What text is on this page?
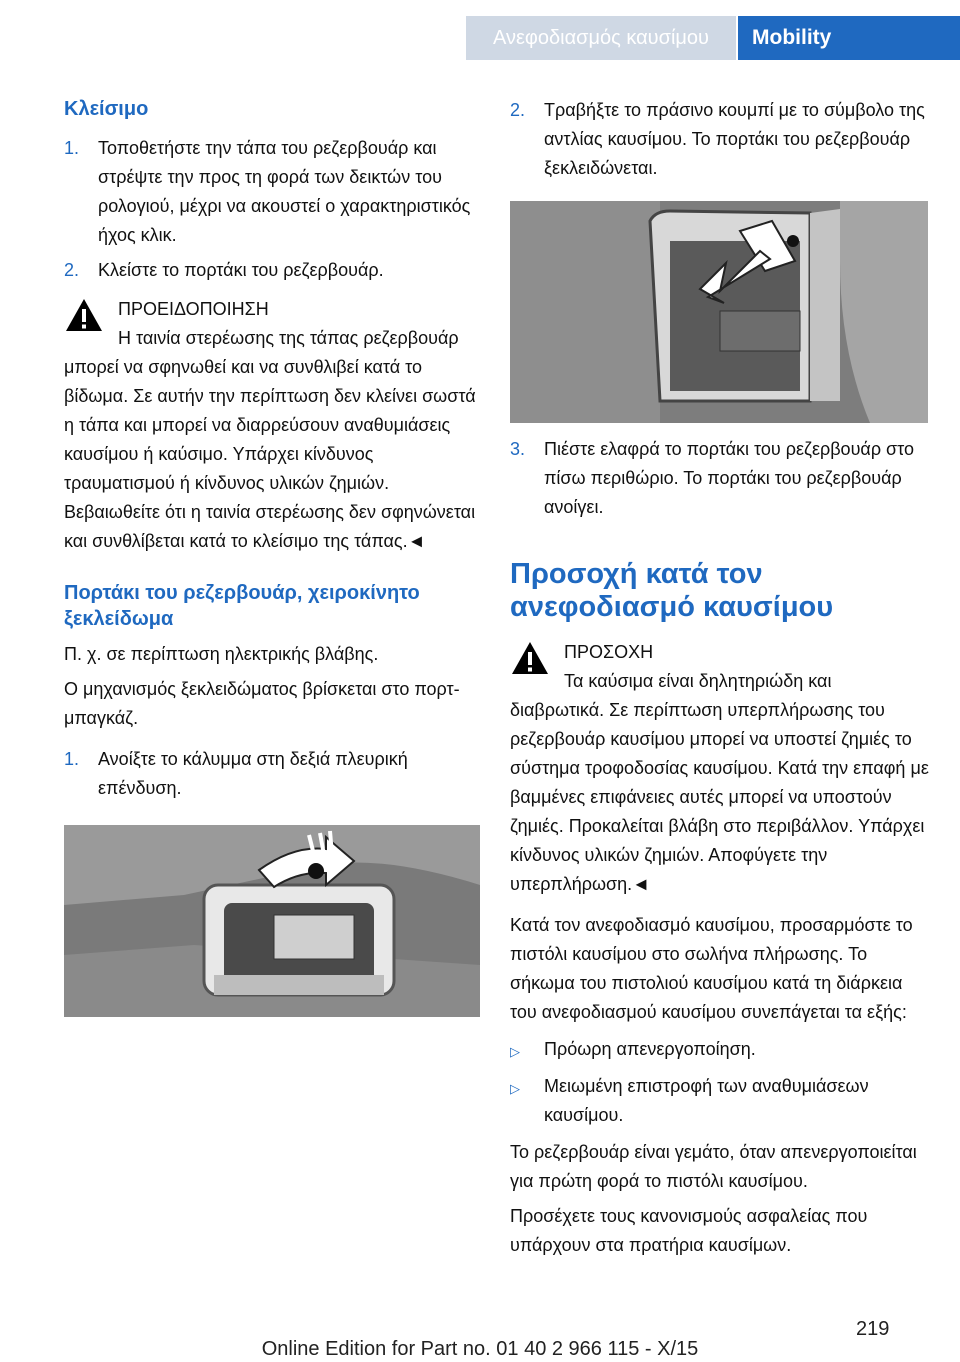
Ανεφοδιασμός καυσίμου	Mobility
Κλείσιμο
1.	Τοποθετήστε την τάπα του ρεζερβουάρ και στρέψτε την προς τη φορά των δεικτών του ρολογιού, μέχρι να ακουστεί ο χαρακτηριστικός ήχος κλικ.
2.	Κλείστε το πορτάκι του ρεζερβουάρ.
ΠΡΟΕΙΔΟΠΟΙΗΣΗ
Η ταινία στερέωσης της τάπας ρεζερβουάρ μπορεί να σφηνωθεί και να συνθλιβεί κατά το βίδωμα. Σε αυτήν την περίπτωση δεν κλείνει σωστά η τάπα και μπορεί να διαρρεύσουν αναθυμιάσεις καυσίμου ή καύσιμο. Υπάρχει κίνδυνος τραυματισμού ή κίνδυνος υλικών ζημιών. Βεβαιωθείτε ότι η ταινία στερέωσης δεν σφηνώνεται και συνθλίβεται κατά το κλείσιμο της τάπας.◄
Πορτάκι του ρεζερβουάρ, χειροκίνητο ξεκλείδωμα

Π. χ. σε περίπτωση ηλεκτρικής βλάβης.

Ο μηχανισμός ξεκλειδώματος βρίσκεται στο πορτ-μπαγκάζ.

1.	Ανοίξτε το κάλυμμα στη δεξιά πλευρική επένδυση.
2.	Τραβήξτε το πράσινο κουμπί με το σύμβολο της αντλίας καυσίμου. Το πορτάκι του ρεζερβουάρ ξεκλειδώνεται.
3.	Πιέστε ελαφρά το πορτάκι του ρεζερβουάρ στο πίσω περιθώριο. Το πορτάκι του ρεζερβουάρ ανοίγει.
Προσοχή κατά τον ανεφοδιασμό καυσίμου
ΠΡΟΣΟΧΗ
Τα καύσιμα είναι δηλητηριώδη και διαβρωτικά. Σε περίπτωση υπερπλήρωσης του ρεζερβουάρ καυσίμου μπορεί να υποστεί ζημιές το σύστημα τροφοδοσίας καυσίμου. Κατά την επαφή με βαμμένες επιφάνειες αυτές μπορεί να υποστούν ζημιές. Προκαλείται βλάβη στο περιβάλλον. Υπάρχει κίνδυνος υλικών ζημιών. Αποφύγετε την υπερπλήρωση.◄

Κατά τον ανεφοδιασμό καυσίμου, προσαρμόστε το πιστόλι καυσίμου στο σωλήνα πλήρωσης. Το σήκωμα του πιστολιού καυσίμου κατά τη διάρκεια του ανεφοδιασμού καυσίμου συνεπάγεται τα εξής:

▷	Πρόωρη απενεργοποίηση.
▷	Μειωμένη επιστροφή των αναθυμιάσεων καυσίμου.

Το ρεζερβουάρ είναι γεμάτο, όταν απενεργοποιείται για πρώτη φορά το πιστόλι καυσίμου.

Προσέχετε τους κανονισμούς ασφαλείας που υπάρχουν στα πρατήρια καυσίμων.

219
Online Edition for Part no. 01 40 2 966 115 - X/15
